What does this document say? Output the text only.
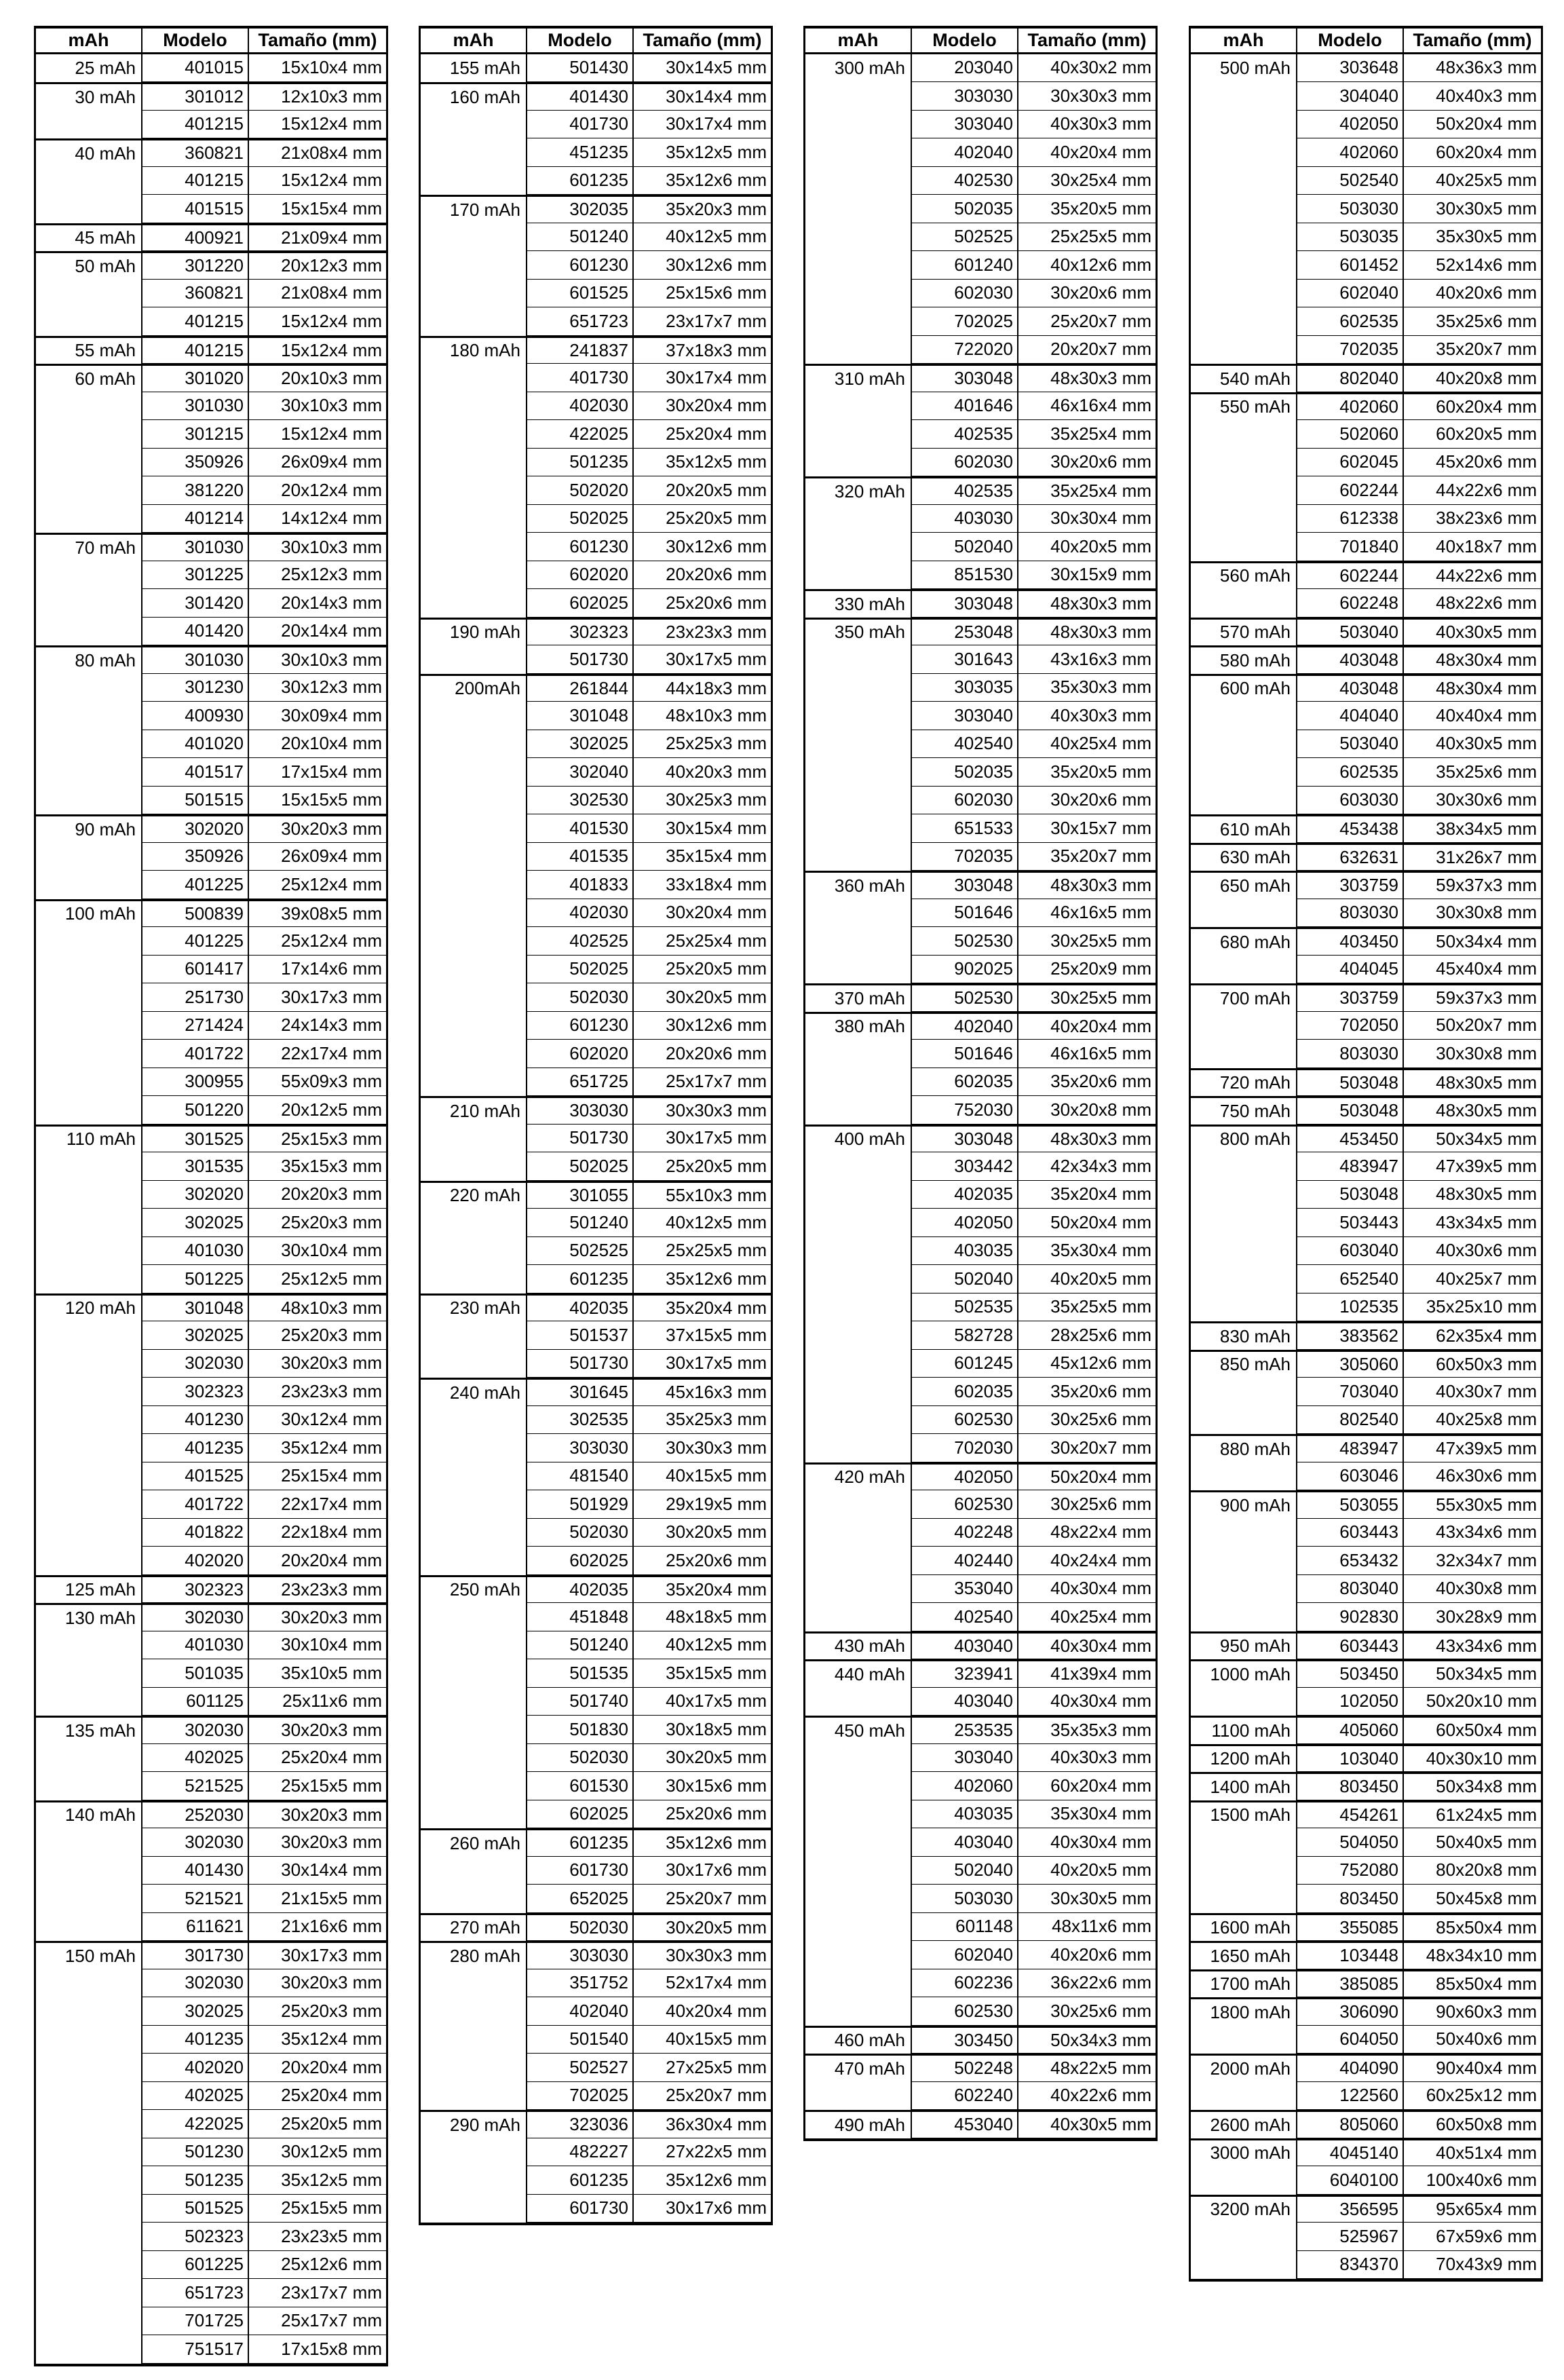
mAh	Modelo	Tamaño (mm)
25 mAh	401015	15x10x4 mm
30 mAh	301012	12x10x3 mm
401215	15x12x4 mm
40 mAh	360821	21x08x4 mm
401215	15x12x4 mm
401515	15x15x4 mm
45 mAh	400921	21x09x4 mm
50 mAh	301220	20x12x3 mm
360821	21x08x4 mm
401215	15x12x4 mm
55 mAh	401215	15x12x4 mm
60 mAh	301020	20x10x3 mm
301030	30x10x3 mm
301215	15x12x4 mm
350926	26x09x4 mm
381220	20x12x4 mm
401214	14x12x4 mm
70 mAh	301030	30x10x3 mm
301225	25x12x3 mm
301420	20x14x3 mm
401420	20x14x4 mm
80 mAh	301030	30x10x3 mm
301230	30x12x3 mm
400930	30x09x4 mm
401020	20x10x4 mm
401517	17x15x4 mm
501515	15x15x5 mm
90 mAh	302020	30x20x3 mm
350926	26x09x4 mm
401225	25x12x4 mm
100 mAh	500839	39x08x5 mm
401225	25x12x4 mm
601417	17x14x6 mm
251730	30x17x3 mm
271424	24x14x3 mm
401722	22x17x4 mm
300955	55x09x3 mm
501220	20x12x5 mm
110 mAh	301525	25x15x3 mm
301535	35x15x3 mm
302020	20x20x3 mm
302025	25x20x3 mm
401030	30x10x4 mm
501225	25x12x5 mm
120 mAh	301048	48x10x3 mm
302025	25x20x3 mm
302030	30x20x3 mm
302323	23x23x3 mm
401230	30x12x4 mm
401235	35x12x4 mm
401525	25x15x4 mm
401722	22x17x4 mm
401822	22x18x4 mm
402020	20x20x4 mm
125 mAh	302323	23x23x3 mm
130 mAh	302030	30x20x3 mm
401030	30x10x4 mm
501035	35x10x5 mm
601125	25x11x6 mm
135 mAh	302030	30x20x3 mm
402025	25x20x4 mm
521525	25x15x5 mm
140 mAh	252030	30x20x3 mm
302030	30x20x3 mm
401430	30x14x4 mm
521521	21x15x5 mm
611621	21x16x6 mm
150 mAh	301730	30x17x3 mm
302030	30x20x3 mm
302025	25x20x3 mm
401235	35x12x4 mm
402020	20x20x4 mm
402025	25x20x4 mm
422025	25x20x5 mm
501230	30x12x5 mm
501235	35x12x5 mm
501525	25x15x5 mm
502323	23x23x5 mm
601225	25x12x6 mm
651723	23x17x7 mm
701725	25x17x7 mm
751517	17x15x8 mm
mAh	Modelo	Tamaño (mm)
155 mAh	501430	30x14x5 mm
160 mAh	401430	30x14x4 mm
401730	30x17x4 mm
451235	35x12x5 mm
601235	35x12x6 mm
170 mAh	302035	35x20x3 mm
501240	40x12x5 mm
601230	30x12x6 mm
601525	25x15x6 mm
651723	23x17x7 mm
180 mAh	241837	37x18x3 mm
401730	30x17x4 mm
402030	30x20x4 mm
422025	25x20x4 mm
501235	35x12x5 mm
502020	20x20x5 mm
502025	25x20x5 mm
601230	30x12x6 mm
602020	20x20x6 mm
602025	25x20x6 mm
190 mAh	302323	23x23x3 mm
501730	30x17x5 mm
200mAh	261844	44x18x3 mm
301048	48x10x3 mm
302025	25x25x3 mm
302040	40x20x3 mm
302530	30x25x3 mm
401530	30x15x4 mm
401535	35x15x4 mm
401833	33x18x4 mm
402030	30x20x4 mm
402525	25x25x4 mm
502025	25x20x5 mm
502030	30x20x5 mm
601230	30x12x6 mm
602020	20x20x6 mm
651725	25x17x7 mm
210 mAh	303030	30x30x3 mm
501730	30x17x5 mm
502025	25x20x5 mm
220 mAh	301055	55x10x3 mm
501240	40x12x5 mm
502525	25x25x5 mm
601235	35x12x6 mm
230 mAh	402035	35x20x4 mm
501537	37x15x5 mm
501730	30x17x5 mm
240 mAh	301645	45x16x3 mm
302535	35x25x3 mm
303030	30x30x3 mm
481540	40x15x5 mm
501929	29x19x5 mm
502030	30x20x5 mm
602025	25x20x6 mm
250 mAh	402035	35x20x4 mm
451848	48x18x5 mm
501240	40x12x5 mm
501535	35x15x5 mm
501740	40x17x5 mm
501830	30x18x5 mm
502030	30x20x5 mm
601530	30x15x6 mm
602025	25x20x6 mm
260 mAh	601235	35x12x6 mm
601730	30x17x6 mm
652025	25x20x7 mm
270 mAh	502030	30x20x5 mm
280 mAh	303030	30x30x3 mm
351752	52x17x4 mm
402040	40x20x4 mm
501540	40x15x5 mm
502527	27x25x5 mm
702025	25x20x7 mm
290 mAh	323036	36x30x4 mm
482227	27x22x5 mm
601235	35x12x6 mm
601730	30x17x6 mm
mAh	Modelo	Tamaño (mm)
300 mAh	203040	40x30x2 mm
303030	30x30x3 mm
303040	40x30x3 mm
402040	40x20x4 mm
402530	30x25x4 mm
502035	35x20x5 mm
502525	25x25x5 mm
601240	40x12x6 mm
602030	30x20x6 mm
702025	25x20x7 mm
722020	20x20x7 mm
310 mAh	303048	48x30x3 mm
401646	46x16x4 mm
402535	35x25x4 mm
602030	30x20x6 mm
320 mAh	402535	35x25x4 mm
403030	30x30x4 mm
502040	40x20x5 mm
851530	30x15x9 mm
330 mAh	303048	48x30x3 mm
350 mAh	253048	48x30x3 mm
301643	43x16x3 mm
303035	35x30x3 mm
303040	40x30x3 mm
402540	40x25x4 mm
502035	35x20x5 mm
602030	30x20x6 mm
651533	30x15x7 mm
702035	35x20x7 mm
360 mAh	303048	48x30x3 mm
501646	46x16x5 mm
502530	30x25x5 mm
902025	25x20x9 mm
370 mAh	502530	30x25x5 mm
380 mAh	402040	40x20x4 mm
501646	46x16x5 mm
602035	35x20x6 mm
752030	30x20x8 mm
400 mAh	303048	48x30x3 mm
303442	42x34x3 mm
402035	35x20x4 mm
402050	50x20x4 mm
403035	35x30x4 mm
502040	40x20x5 mm
502535	35x25x5 mm
582728	28x25x6 mm
601245	45x12x6 mm
602035	35x20x6 mm
602530	30x25x6 mm
702030	30x20x7 mm
420 mAh	402050	50x20x4 mm
602530	30x25x6 mm
402248	48x22x4 mm
402440	40x24x4 mm
353040	40x30x4 mm
402540	40x25x4 mm
430 mAh	403040	40x30x4 mm
440 mAh	323941	41x39x4 mm
403040	40x30x4 mm
450 mAh	253535	35x35x3 mm
303040	40x30x3 mm
402060	60x20x4 mm
403035	35x30x4 mm
403040	40x30x4 mm
502040	40x20x5 mm
503030	30x30x5 mm
601148	48x11x6 mm
602040	40x20x6 mm
602236	36x22x6 mm
602530	30x25x6 mm
460 mAh	303450	50x34x3 mm
470 mAh	502248	48x22x5 mm
602240	40x22x6 mm
490 mAh	453040	40x30x5 mm
mAh	Modelo	Tamaño (mm)
500 mAh	303648	48x36x3 mm
304040	40x40x3 mm
402050	50x20x4 mm
402060	60x20x4 mm
502540	40x25x5 mm
503030	30x30x5 mm
503035	35x30x5 mm
601452	52x14x6 mm
602040	40x20x6 mm
602535	35x25x6 mm
702035	35x20x7 mm
540 mAh	802040	40x20x8 mm
550 mAh	402060	60x20x4 mm
502060	60x20x5 mm
602045	45x20x6 mm
602244	44x22x6 mm
612338	38x23x6 mm
701840	40x18x7 mm
560 mAh	602244	44x22x6 mm
602248	48x22x6 mm
570 mAh	503040	40x30x5 mm
580 mAh	403048	48x30x4 mm
600 mAh	403048	48x30x4 mm
404040	40x40x4 mm
503040	40x30x5 mm
602535	35x25x6 mm
603030	30x30x6 mm
610 mAh	453438	38x34x5 mm
630 mAh	632631	31x26x7 mm
650 mAh	303759	59x37x3 mm
803030	30x30x8 mm
680 mAh	403450	50x34x4 mm
404045	45x40x4 mm
700 mAh	303759	59x37x3 mm
702050	50x20x7 mm
803030	30x30x8 mm
720 mAh	503048	48x30x5 mm
750 mAh	503048	48x30x5 mm
800 mAh	453450	50x34x5 mm
483947	47x39x5 mm
503048	48x30x5 mm
503443	43x34x5 mm
603040	40x30x6 mm
652540	40x25x7 mm
102535	35x25x10 mm
830 mAh	383562	62x35x4 mm
850 mAh	305060	60x50x3 mm
703040	40x30x7 mm
802540	40x25x8 mm
880 mAh	483947	47x39x5 mm
603046	46x30x6 mm
900 mAh	503055	55x30x5 mm
603443	43x34x6 mm
653432	32x34x7 mm
803040	40x30x8 mm
902830	30x28x9 mm
950 mAh	603443	43x34x6 mm
1000 mAh	503450	50x34x5 mm
102050	50x20x10 mm
1100 mAh	405060	60x50x4 mm
1200 mAh	103040	40x30x10 mm
1400 mAh	803450	50x34x8 mm
1500 mAh	454261	61x24x5 mm
504050	50x40x5 mm
752080	80x20x8 mm
803450	50x45x8 mm
1600 mAh	355085	85x50x4 mm
1650 mAh	103448	48x34x10 mm
1700 mAh	385085	85x50x4 mm
1800 mAh	306090	90x60x3 mm
604050	50x40x6 mm
2000 mAh	404090	90x40x4 mm
122560	60x25x12 mm
2600 mAh	805060	60x50x8 mm
3000 mAh	4045140	40x51x4 mm
6040100	100x40x6 mm
3200 mAh	356595	95x65x4 mm
525967	67x59x6 mm
834370	70x43x9 mm
